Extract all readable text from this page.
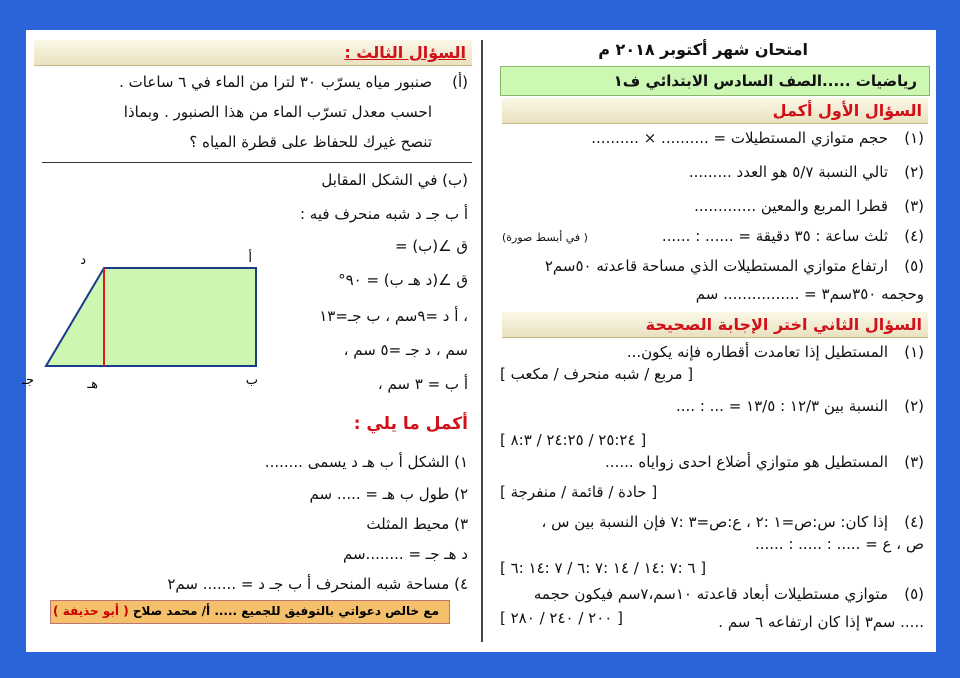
امتحان شهر أكتوبر ٢٠١٨ م
رياضيات .....الصف السادس الابتدائي ف١
السؤال الأول أكمل
(١)
حجم متوازي المستطيلات = .......... × ..........
(٢)
تالي النسبة ٥/٧ هو العدد .........
(٣)
قطرا المربع والمعين .............
(٤)
ثلث ساعة : ٣٥ دقيقة = ...... : ......
( في أبسط صورة)
(٥)
ارتفاع متوازي المستطيلات الذي مساحة قاعدته ٥٠سم٢
وحجمه ٣٥٠سم٣ = ................ سم
السؤال الثاني اختر الإجابة الصحيحة
(١)
المستطيل إذا تعامدت أقطاره فإنه يكون...
[ مربع / شبه منحرف / مكعب ]
(٢)
النسبة بين ١٢/٣ : ١٣/٥ = ... : ....
[ ٢٥:٢٤ / ٢٤:٢٥ / ٨:٣ ]
(٣)
المستطيل هو متوازي أضلاع احدى زواياه ......
[ حادة / قائمة / منفرجة ]
(٤)
إذا كان: س:ص=١ :٢ ، ع:ص=٣ :٧ فإن النسبة بين س ،
ص ، ع = ..... : ..... : ......
[ ٦ :٧ :١٤ / ١٤ :٧ :٦ / ٧ :١٤ :٦ ]
(٥)
متوازي مستطيلات أبعاد قاعدته ١٠سم،٧سم فيكون حجمه
..... سم٣ إذا كان ارتفاعه ٦ سم .
[ ٢٠٠ / ٢٤٠ / ٢٨٠ ]
السؤال الثالث :
(أ)
صنبور مياه يسرّب ٣٠ لترا من الماء في ٦ ساعات .
احسب معدل تسرّب الماء من هذا الصنبور . وبماذا
تنصح غيرك للحفاظ على قطرة المياه ؟
(ب) في الشكل المقابل
أ ب جـ د شبه منحرف فيه :
ق ∠(ب) =
ق ∠(د هـ ب) = ٩٠°
، أ د =٩سم ، ب جـ=١٣
سم ، د جـ =٥ سم ،
أ ب = ٣ سم ،
أكمل ما يلي :
١) الشكل أ ب هـ د يسمى ........
٢) طول ب هـ = ..... سم
٣) محيط المثلث
د هـ جـ = ........سم
٤) مساحة شبه المنحرف أ ب جـ د = ....... سم٢
مع خالص دعواتي بالتوفيق للجميع ..... أ/ محمد صلاح ( أبو حذيفة )
أ
ب
جـ
د
هـ
